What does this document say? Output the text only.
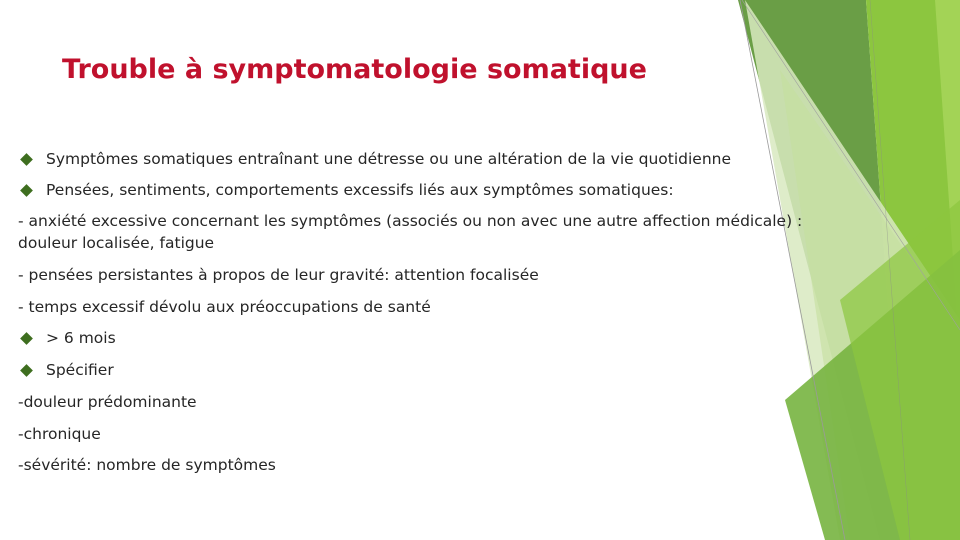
Trouble à symptomatologie somatique
Symptômes somatiques entraînant une détresse ou une altération de la vie quotidienne
Pensées, sentiments, comportements excessifs liés aux symptômes somatiques:
- anxiété excessive concernant les symptômes (associés ou non avec une autre affection médicale) : douleur localisée, fatigue
- pensées persistantes à propos de leur gravité: attention focalisée
- temps excessif dévolu aux préoccupations de santé
> 6 mois
Spécifier
-douleur prédominante
-chronique
-sévérité: nombre de symptômes
